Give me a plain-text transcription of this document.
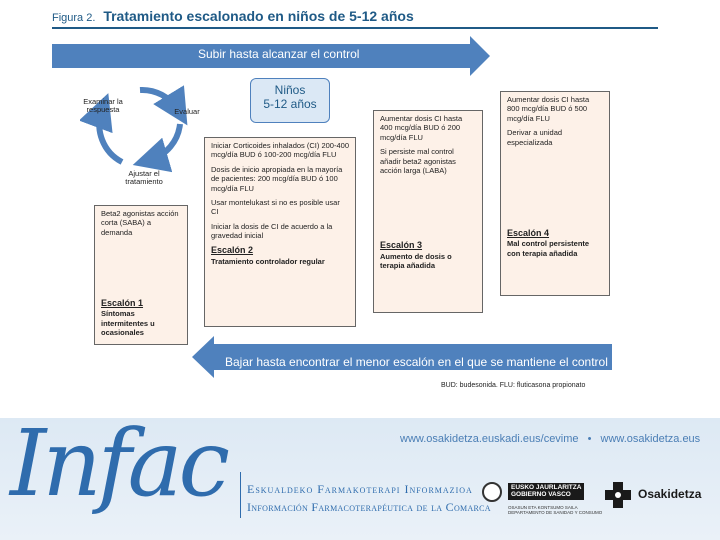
Figura 2. Tratamiento escalonado en niños de 5-12 años
Subir hasta alcanzar el control
Bajar hasta encontrar el menor escalón en el que se mantiene el control
Examinar la respuesta	Evaluar
Ajustar el tratamiento
Niños
5-12 años

Beta2 agonistas acción corta (SABA) a demanda

Escalón 1
Síntomas intermitentes u ocasionales

Iniciar Corticoides inhalados (CI) 200-400 mcg/día BUD ó 100-200 mcg/día FLU

Dosis de inicio apropiada en la mayoría de pacientes: 200 mcg/día BUD ó 100 mcg/día FLU

Usar montelukast si no es posible usar CI

Iniciar la dosis de CI de acuerdo a la gravedad inicial

Escalón 2
Tratamiento controlador regular

Aumentar dosis CI hasta 400 mcg/día BUD ó 200 mcg/día FLU

Si persiste mal control añadir beta2 agonistas acción larga (LABA)

Escalón 3
Aumento de dosis o terapia añadida

Aumentar dosis CI hasta 800 mcg/día BUD ó 500 mcg/día FLU

Derivar a unidad especializada

Escalón 4
Mal control persistente con terapia añadida
BUD: budesonida. FLU: fluticasona propionato
www.osakidetza.euskadi.eus/cevime • www.osakidetza.eus
Infac Eskualdeko Farmakoterapi Informazioa
Información Farmacoterapéutica de la Comarca
EUSKO JAURLARITZA
GOBIERNO VASCO
OSASUN ETA KONTSUMO SAILA
DEPARTAMENTO DE SANIDAD Y CONSUMO
Osakidetza
